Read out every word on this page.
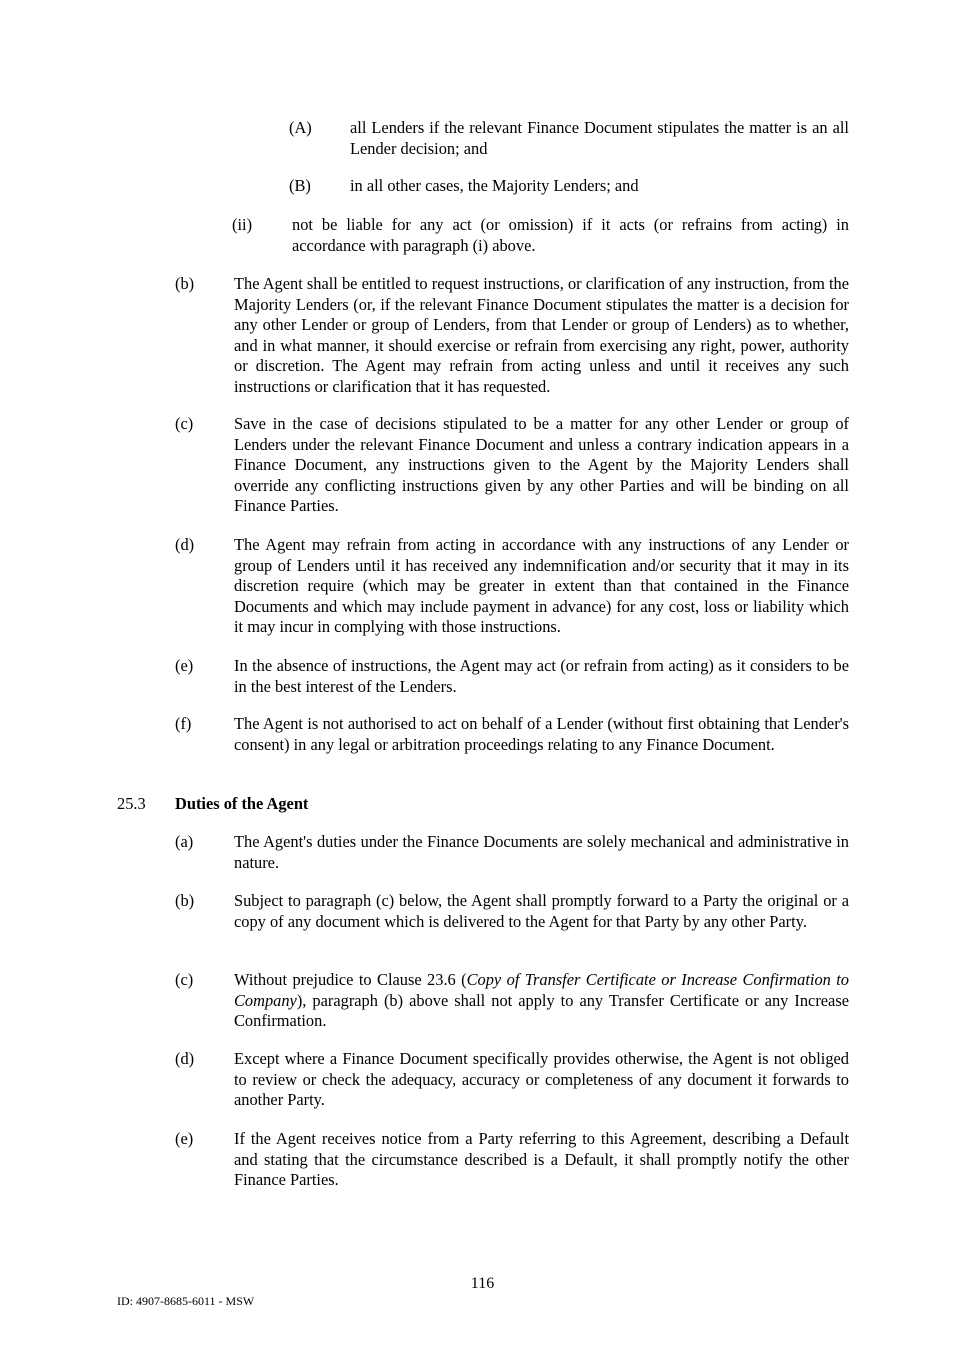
(A) all Lenders if the relevant Finance Document stipulates the matter is an all Lender decision; and
(B) in all other cases, the Majority Lenders; and
(ii) not be liable for any act (or omission) if it acts (or refrains from acting) in accordance with paragraph (i) above.
(b) The Agent shall be entitled to request instructions, or clarification of any instruction, from the Majority Lenders (or, if the relevant Finance Document stipulates the matter is a decision for any other Lender or group of Lenders, from that Lender or group of Lenders) as to whether, and in what manner, it should exercise or refrain from exercising any right, power, authority or discretion. The Agent may refrain from acting unless and until it receives any such instructions or clarification that it has requested.
(c) Save in the case of decisions stipulated to be a matter for any other Lender or group of Lenders under the relevant Finance Document and unless a contrary indication appears in a Finance Document, any instructions given to the Agent by the Majority Lenders shall override any conflicting instructions given by any other Parties and will be binding on all Finance Parties.
(d) The Agent may refrain from acting in accordance with any instructions of any Lender or group of Lenders until it has received any indemnification and/or security that it may in its discretion require (which may be greater in extent than that contained in the Finance Documents and which may include payment in advance) for any cost, loss or liability which it may incur in complying with those instructions.
(e) In the absence of instructions, the Agent may act (or refrain from acting) as it considers to be in the best interest of the Lenders.
(f)	The Agent is not authorised to act on behalf of a Lender (without first obtaining that Lender's consent) in any legal or arbitration proceedings relating to any Finance Document.
25.3 Duties of the Agent
(a) The Agent's duties under the Finance Documents are solely mechanical and administrative in nature.
(b) Subject to paragraph (c) below, the Agent shall promptly forward to a Party the original or a copy of any document which is delivered to the Agent for that Party by any other Party.
(c) Without prejudice to Clause 23.6 (Copy of Transfer Certificate or Increase Confirmation to Company), paragraph (b) above shall not apply to any Transfer Certificate or any Increase Confirmation.
(d) Except where a Finance Document specifically provides otherwise, the Agent is not obliged to review or check the adequacy, accuracy or completeness of any document it forwards to another Party.
(e) If the Agent receives notice from a Party referring to this Agreement, describing a Default and stating that the circumstance described is a Default, it shall promptly notify the other Finance Parties.
116
ID: 4907-8685-6011 - MSW
